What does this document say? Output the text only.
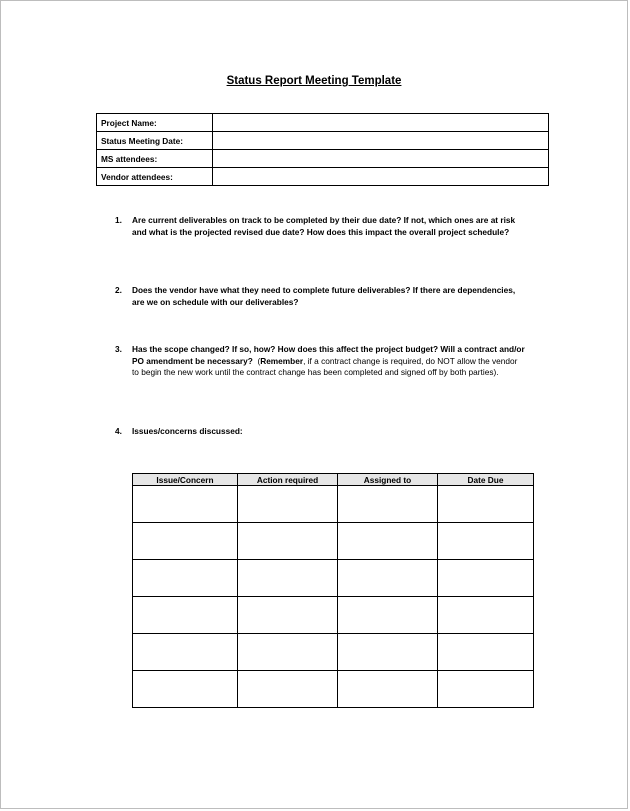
Status Report Meeting Template
Project Name:	
Status Meeting Date:	
MS attendees:	
Vendor attendees:	
1. Are current deliverables on track to be completed by their due date? If not, which ones are at risk and what is the projected revised due date? How does this impact the overall project schedule?
2. Does the vendor have what they need to complete future deliverables? If there are dependencies, are we on schedule with our deliverables?
3. Has the scope changed? If so, how? How does this affect the project budget? Will a contract and/or PO amendment be necessary?  (Remember, if a contract change is required, do NOT allow the vendor to begin the new work until the contract change has been completed and signed off by both parties).
4. Issues/concerns discussed:
Issue/Concern	Action required	Assigned to	Date Due
